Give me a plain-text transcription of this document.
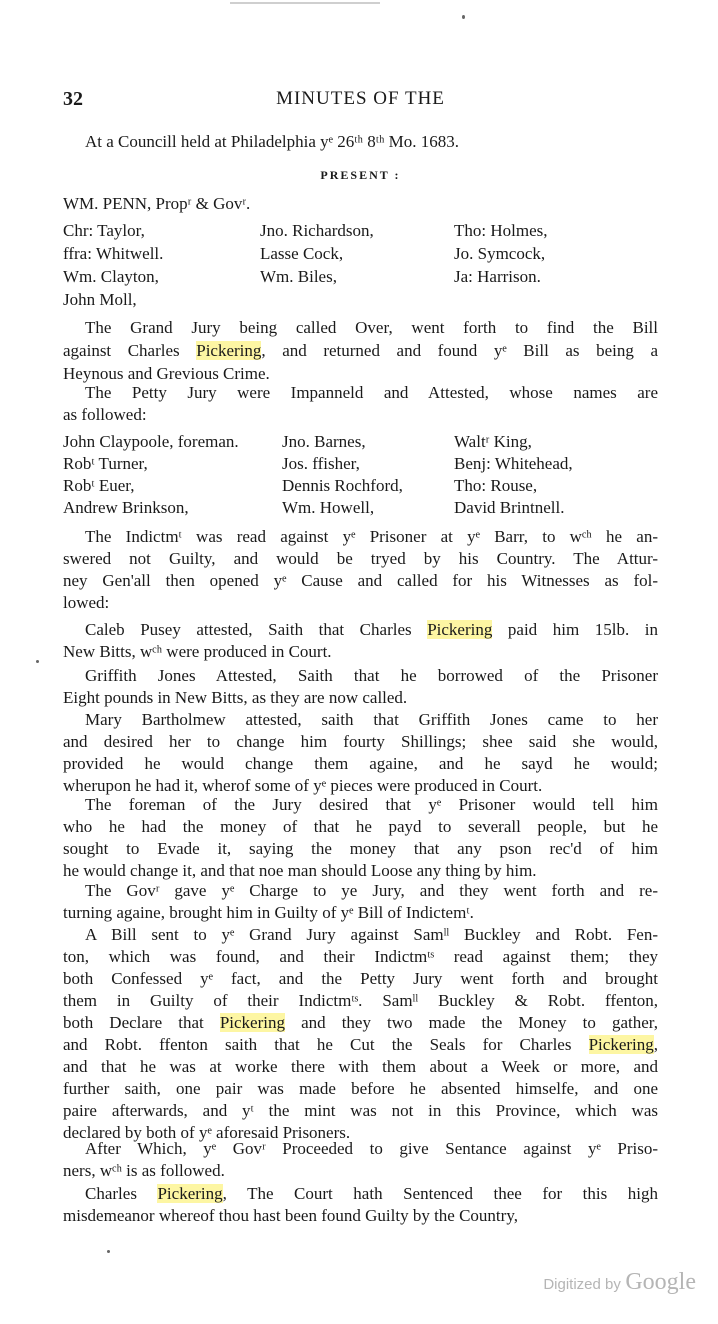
32	MINUTES OF THE
At a Councill held at Philadelphia yᵉ 26ᵗʰ 8ᵗʰ Mo. 1683.
PRESENT :
WM. PENN, Propʳ & Govʳ.
Chr: Taylor,	Jno. Richardson,	Tho: Holmes,
ffra: Whitwell.	Lasse Cock,	Jo. Symcock,
Wm. Clayton,	Wm. Biles,	Ja: Harrison.
John Moll,
The Grand Jury being called Over, went forth to find the Bill
against Charles Pickering, and returned and found yᵉ Bill as being a
Heynous and Grevious Crime.
The Petty Jury were Impanneld and Attested, whose names are
as followed:
The Indictmᵗ was read against yᵉ Prisoner at yᵉ Barr, to wᶜʰ he an-
swered not Guilty, and would be tryed by his Country. The Attur-
ney Gen'all then opened yᵉ Cause and called for his Witnesses as fol-
lowed:
Caleb Pusey attested, Saith that Charles Pickering paid him 15lb. in
New Bitts, wᶜʰ were produced in Court.
Griffith Jones Attested, Saith that he borrowed of the Prisoner
Eight pounds in New Bitts, as they are now called.
Mary Bartholmew attested, saith that Griffith Jones came to her
and desired her to change him fourty Shillings; shee said she would,
provided he would change them againe, and he sayd he would;
wherupon he had it, wherof some of yᵉ pieces were produced in Court.
The foreman of the Jury desired that yᵉ Prisoner would tell him
who he had the money of that he payd to severall people, but he
sought to Evade it, saying the money that any pson rec'd of him
he would change it, and that noe man should Loose any thing by him.
The Govʳ gave yᵉ Charge to ye Jury, and they went forth and re-
turning againe, brought him in Guilty of yᵉ Bill of Indictemᵗ.
A Bill sent to yᵉ Grand Jury against Samˡˡ Buckley and Robt. Fen-
ton, which was found, and their Indictmᵗˢ read against them; they
both Confessed yᵉ fact, and the Petty Jury went forth and brought
them in Guilty of their Indictmᵗˢ. Samˡˡ Buckley & Robt. ffenton,
both Declare that Pickering and they two made the Money to gather,
and Robt. ffenton saith that he Cut the Seals for Charles Pickering,
and that he was at worke there with them about a Week or more, and
further saith, one pair was made before he absented himselfe, and one
paire afterwards, and yᵗ the mint was not in this Province, which was
declared by both of yᵉ aforesaid Prisoners.
After Which, yᵉ Govʳ Proceeded to give Sentance against yᵉ Priso-
ners, wᶜʰ is as followed.
Charles Pickering, The Court hath Sentenced thee for this high
misdemeanor whereof thou hast been found Guilty by the Country,
John Claypoole, foreman.	Jno. Barnes,	Waltʳ King,
Robᵗ Turner,	Jos. ffisher,	Benj: Whitehead,
Robᵗ Euer,	Dennis Rochford,	Tho: Rouse,
Andrew Brinkson,	Wm. Howell,	David Brintnell.
Digitized by Google
